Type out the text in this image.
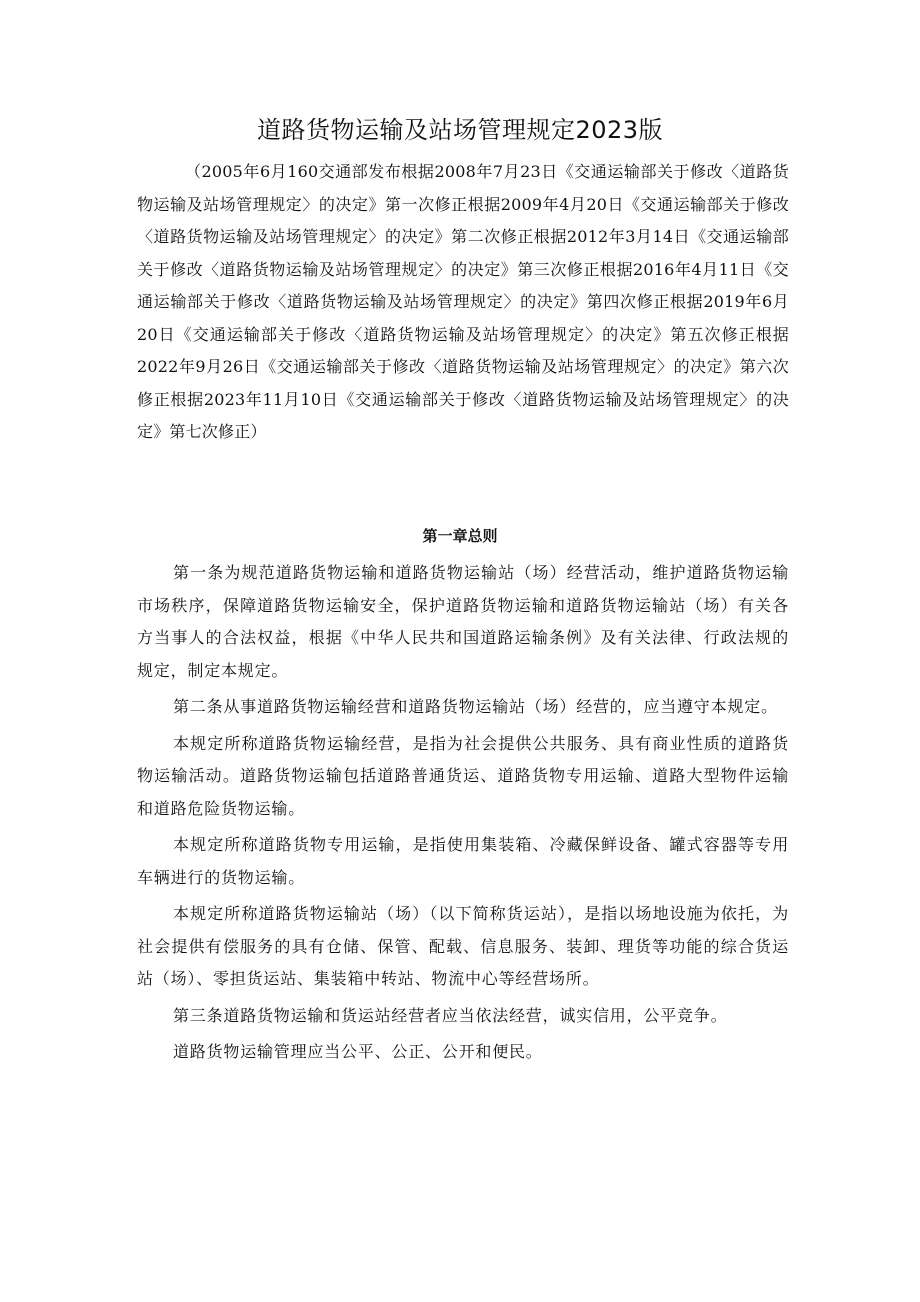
道路货物运输及站场管理规定2023版

（2005年6月160交通部发布根据2008年7月23日《交通运输部关于修改〈道路货物运输及站场管理规定〉的决定》第一次修正根据2009年4月20日《交通运输部关于修改〈道路货物运输及站场管理规定〉的决定》第二次修正根据2012年3月14日《交通运输部关于修改〈道路货物运输及站场管理规定〉的决定》第三次修正根据2016年4月11日《交通运输部关于修改〈道路货物运输及站场管理规定〉的决定》第四次修正根据2019年6月20日《交通运输部关于修改〈道路货物运输及站场管理规定〉的决定》第五次修正根据2022年9月26日《交通运输部关于修改〈道路货物运输及站场管理规定〉的决定》第六次修正根据2023年11月10日《交通运输部关于修改〈道路货物运输及站场管理规定〉的决定》第七次修正）

第一章总则

第一条为规范道路货物运输和道路货物运输站（场）经营活动，维护道路货物运输市场秩序，保障道路货物运输安全，保护道路货物运输和道路货物运输站（场）有关各方当事人的合法权益，根据《中华人民共和国道路运输条例》及有关法律、行政法规的规定，制定本规定。

第二条从事道路货物运输经营和道路货物运输站（场）经营的，应当遵守本规定。

本规定所称道路货物运输经营，是指为社会提供公共服务、具有商业性质的道路货物运输活动。道路货物运输包括道路普通货运、道路货物专用运输、道路大型物件运输和道路危险货物运输。

本规定所称道路货物专用运输，是指使用集装箱、冷藏保鲜设备、罐式容器等专用车辆进行的货物运输。

本规定所称道路货物运输站（场）（以下简称货运站），是指以场地设施为依托，为社会提供有偿服务的具有仓储、保管、配载、信息服务、装卸、理货等功能的综合货运站（场）、零担货运站、集装箱中转站、物流中心等经营场所。

第三条道路货物运输和货运站经营者应当依法经营，诚实信用，公平竞争。

道路货物运输管理应当公平、公正、公开和便民。
